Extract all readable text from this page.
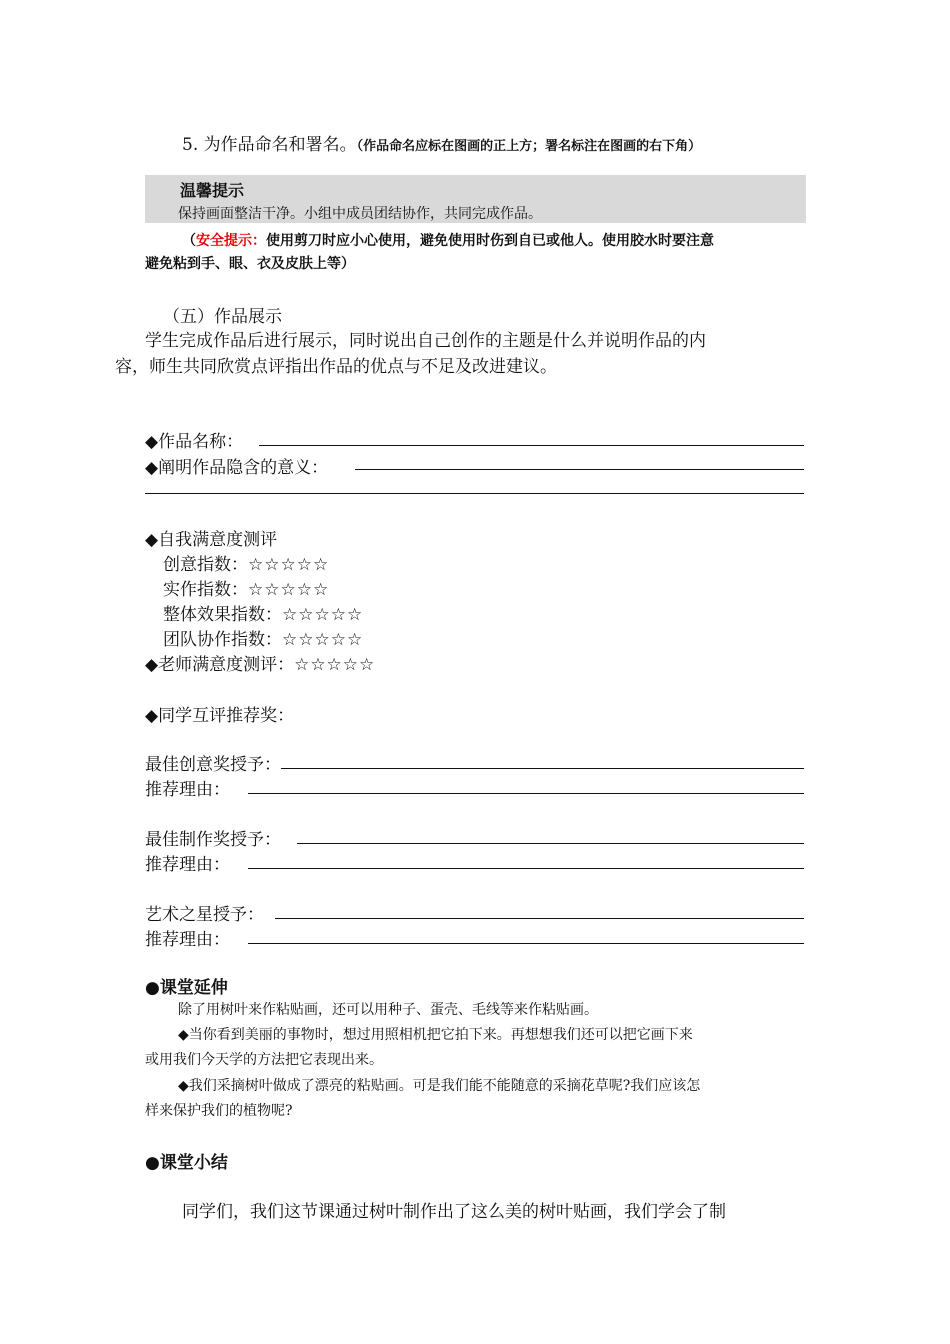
5. 为作品命名和署名。（作品命名应标在图画的正上方；署名标注在图画的右下角）
温馨提示
保持画面整洁干净。小组中成员团结协作，共同完成作品。
（安全提示：使用剪刀时应小心使用，避免使用时伤到自已或他人。使用胶水时要注意
避免粘到手、眼、衣及皮肤上等）
（五）作品展示
学生完成作品后进行展示，同时说出自己创作的主题是什么并说明作品的内
容，师生共同欣赏点评指出作品的优点与不足及改进建议。
◆作品名称：
◆阐明作品隐含的意义：
◆自我满意度测评
创意指数：☆☆☆☆☆
实作指数：☆☆☆☆☆
整体效果指数：☆☆☆☆☆
团队协作指数：☆☆☆☆☆
◆老师满意度测评：☆☆☆☆☆
◆同学互评推荐奖：
最佳创意奖授予：
推荐理由：
最佳制作奖授予：
推荐理由：
艺术之星授予：
推荐理由：
●课堂延伸
除了用树叶来作粘贴画，还可以用种子、蛋壳、毛线等来作粘贴画。
◆当你看到美丽的事物时，想过用照相机把它拍下来。再想想我们还可以把它画下来
或用我们今天学的方法把它表现出来。
◆我们采摘树叶做成了漂亮的粘贴画。可是我们能不能随意的采摘花草呢?我们应该怎
样来保护我们的植物呢?
●课堂小结
同学们，我们这节课通过树叶制作出了这么美的树叶贴画，我们学会了制
